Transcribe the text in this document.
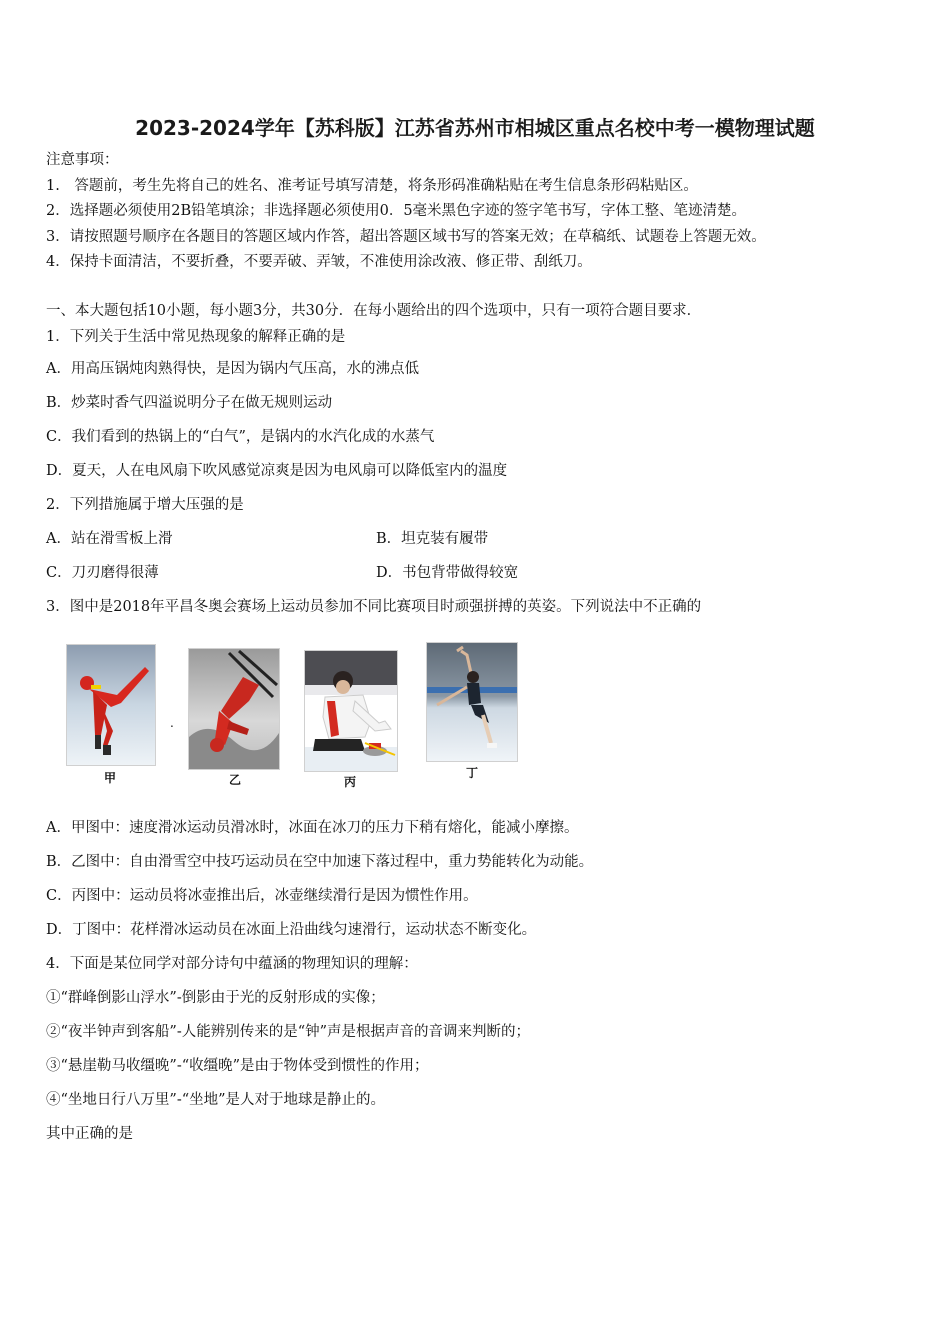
2023-2024学年【苏科版】江苏省苏州市相城区重点名校中考一模物理试题
注意事项：
1.　答题前，考生先将自己的姓名、准考证号填写清楚，将条形码准确粘贴在考生信息条形码粘贴区。
2．选择题必须使用2B铅笔填涂；非选择题必须使用0．5毫米黑色字迹的签字笔书写，字体工整、笔迹清楚。
3．请按照题号顺序在各题目的答题区域内作答，超出答题区域书写的答案无效；在草稿纸、试题卷上答题无效。
4．保持卡面清洁，不要折叠，不要弄破、弄皱，不准使用涂改液、修正带、刮纸刀。
一、本大题包括10小题，每小题3分，共30分．在每小题给出的四个选项中，只有一项符合题目要求．
1．下列关于生活中常见热现象的解释正确的是
A．用高压锅炖肉熟得快，是因为锅内气压高，水的沸点低
B．炒菜时香气四溢说明分子在做无规则运动
C．我们看到的热锅上的“白气”，是锅内的水汽化成的水蒸气
D．夏天，人在电风扇下吹风感觉凉爽是因为电风扇可以降低室内的温度
2．下列措施属于增大压强的是
A．站在滑雪板上滑	B．坦克装有履带
C．刀刃磨得很薄	D．书包背带做得较宽
3．图中是2018年平昌冬奥会赛场上运动员参加不同比赛项目时顽强拼搏的英姿。下列说法中不正确的
甲
.
乙	丙
丁
A．甲图中：速度滑冰运动员滑冰时，冰面在冰刀的压力下稍有熔化，能减小摩擦。
B．乙图中：自由滑雪空中技巧运动员在空中加速下落过程中，重力势能转化为动能。
C．丙图中：运动员将冰壶推出后，冰壶继续滑行是因为惯性作用。
D．丁图中：花样滑冰运动员在冰面上沿曲线匀速滑行，运动状态不断变化。
4．下面是某位同学对部分诗句中蕴涵的物理知识的理解：
①“群峰倒影山浮水”-倒影由于光的反射形成的实像；
②“夜半钟声到客船”-人能辨别传来的是“钟”声是根据声音的音调来判断的；
③“悬崖勒马收缰晚”-“收缰晚”是由于物体受到惯性的作用；
④“坐地日行八万里”-“坐地”是人对于地球是静止的。
其中正确的是
